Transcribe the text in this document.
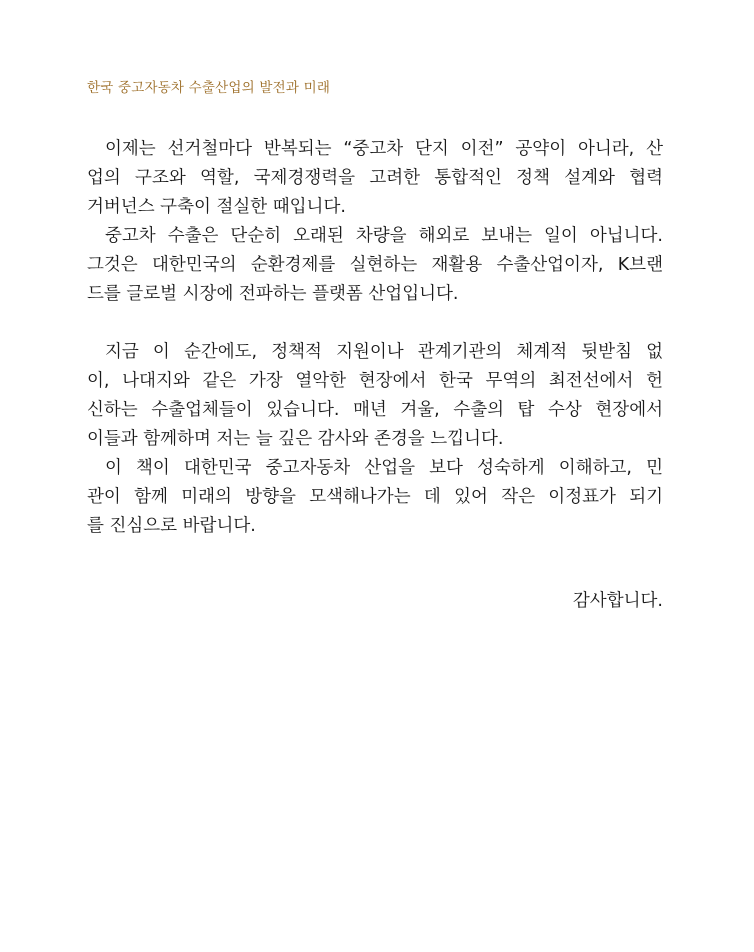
한국 중고자동차 수출산업의 발전과 미래
이제는 선거철마다 반복되는 “중고차 단지 이전” 공약이 아니라, 산
업의 구조와 역할, 국제경쟁력을 고려한 통합적인 정책 설계와 협력
거버넌스 구축이 절실한 때입니다.
중고차 수출은 단순히 오래된 차량을 해외로 보내는 일이 아닙니다.
그것은 대한민국의 순환경제를 실현하는 재활용 수출산업이자, K브랜
드를 글로벌 시장에 전파하는 플랫폼 산업입니다.
지금 이 순간에도, 정책적 지원이나 관계기관의 체계적 뒷받침 없
이, 나대지와 같은 가장 열악한 현장에서 한국 무역의 최전선에서 헌
신하는 수출업체들이 있습니다. 매년 겨울, 수출의 탑 수상 현장에서
이들과 함께하며 저는 늘 깊은 감사와 존경을 느낍니다.
이 책이 대한민국 중고자동차 산업을 보다 성숙하게 이해하고, 민
관이 함께 미래의 방향을 모색해나가는 데 있어 작은 이정표가 되기
를 진심으로 바랍니다.
감사합니다.
